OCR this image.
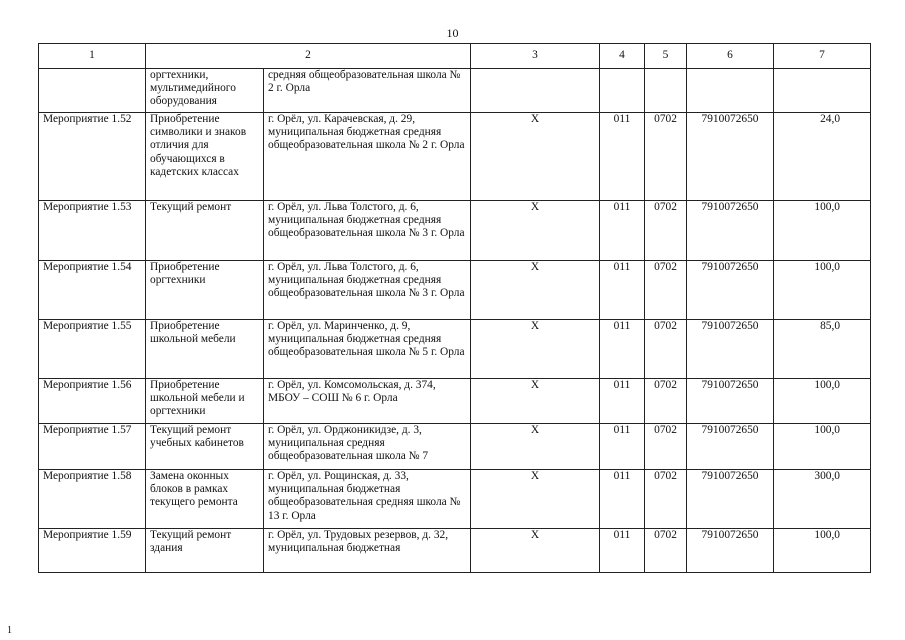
10
1	2		3	4	5	6	7
	оргтехники, мультимедийного оборудования	средняя общеобразовательная школа № 2 г. Орла					
Мероприятие 1.52	Приобретение символики и знаков отличия для обучающихся в кадетских классах	г. Орёл, ул. Карачевская, д. 29, муниципальная бюджетная средняя общеобразовательная школа № 2 г. Орла	Х	011	0702	7910072650	24,0
Мероприятие 1.53	Текущий ремонт	г. Орёл, ул. Льва Толстого, д. 6, муниципальная бюджетная средняя общеобразовательная школа № 3 г. Орла	Х	011	0702	7910072650	100,0
Мероприятие 1.54	Приобретение оргтехники	г. Орёл, ул. Льва Толстого, д. 6, муниципальная бюджетная средняя общеобразовательная школа № 3 г. Орла	Х	011	0702	7910072650	100,0
Мероприятие 1.55	Приобретение школьной мебели	г. Орёл, ул. Маринченко, д. 9, муниципальная бюджетная средняя общеобразовательная школа № 5 г. Орла	Х	011	0702	7910072650	85,0
Мероприятие 1.56	Приобретение школьной мебели и оргтехники	г. Орёл, ул. Комсомольская, д. 374, МБОУ – СОШ № 6 г. Орла	Х	011	0702	7910072650	100,0
Мероприятие 1.57	Текущий ремонт учебных кабинетов	г. Орёл, ул. Орджоникидзе, д. 3, муниципальная средняя общеобразовательная школа № 7	Х	011	0702	7910072650	100,0
Мероприятие 1.58	Замена оконных блоков в рамках текущего ремонта	г. Орёл, ул. Рощинская, д. 33, муниципальная бюджетная общеобразовательная средняя школа № 13 г. Орла	Х	011	0702	7910072650	300,0
Мероприятие 1.59	Текущий ремонт здания	г. Орёл, ул. Трудовых резервов, д. 32, муниципальная бюджетная	Х	011	0702	7910072650	100,0
1
